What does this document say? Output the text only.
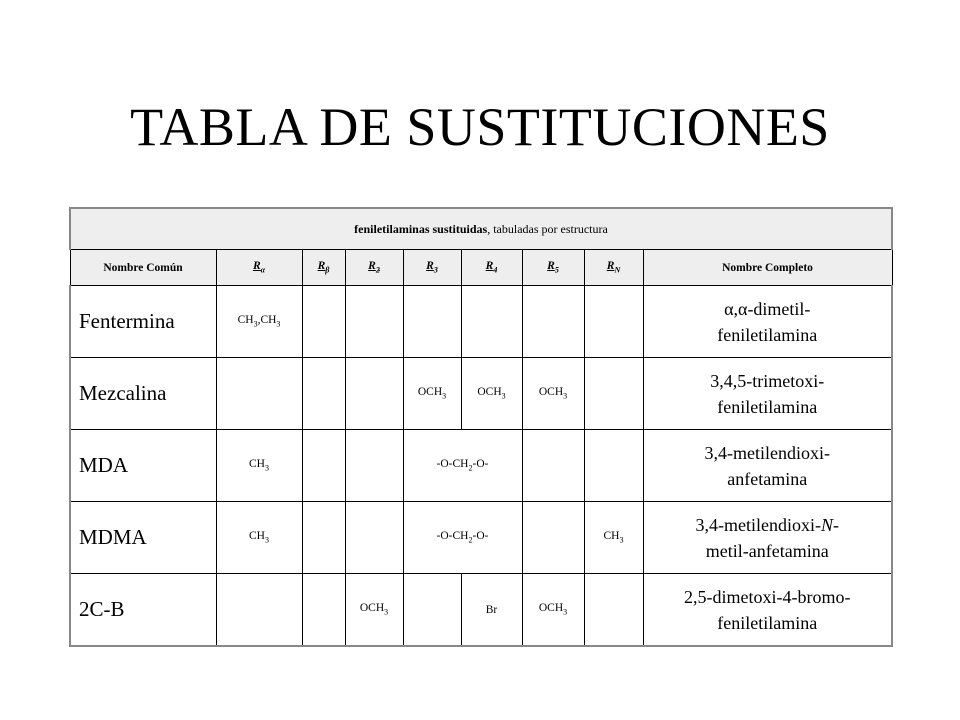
TABLA DE SUSTITUCIONES
feniletilaminas sustituidas, tabuladas por estructura								
Nombre Común	$R_\alpha$	$R_\beta$	$R_2$	$R_3$	$R_4$	$R_5$	$R_N$	Nombre Completo
Fentermina	$CH_3,CH_3$							α,α-dimetil-
feniletilamina
Mezcalina				$OCH_3$	$OCH_3$	$OCH_3$		3,4,5-trimetoxi-
feniletilamina
MDA	$CH_3$			$-O-CH_2-O-$				3,4-metilendioxi-
anfetamina
MDMA	$CH_3$			$-O-CH_2-O-$			$CH_3$	3,4-metilendioxi-N-
metil-anfetamina
2C-B			$OCH_3$		Br	$OCH_3$		2,5-dimetoxi-4-bromo-
feniletilamina
